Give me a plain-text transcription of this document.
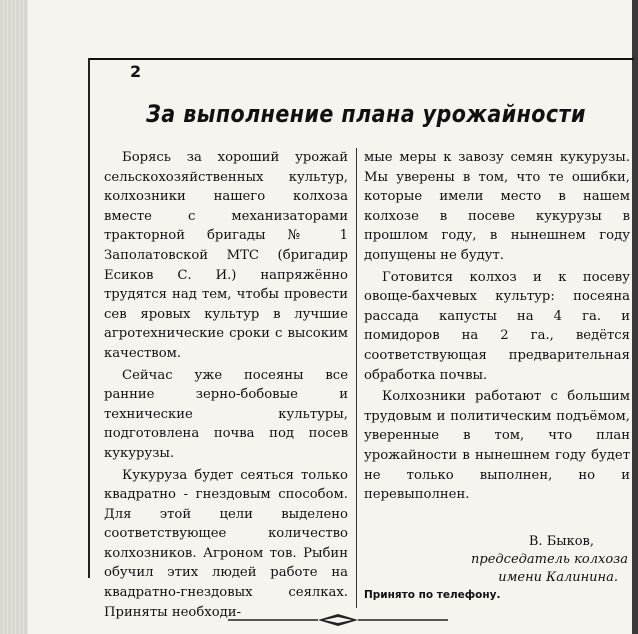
2
За выполнение плана урожайности

Борясь за хороший урожай сельскохозяйственных культур, колхозники нашего колхоза вместе с механизаторами тракторной бригады № 1 Заполатовской МТС (бригадир Есиков С. И.) напряжённо трудятся над тем, чтобы провести сев яровых культур в лучшие агротехнические сроки с высоким качеством.

Сейчас уже посеяны все ранние зерно-бобовые и технические культуры, подготовлена почва под посев кукурузы.

Кукуруза будет сеяться только квадратно - гнездовым способом. Для этой цели выделено соответствующее количество колхозников. Агроном тов. Рыбин обучил этих людей работе на квадратно-гнездовых сеялках. Приняты необходи-

мые меры к завозу семян кукурузы. Мы уверены в том, что те ошибки, которые имели место в нашем колхозе в посеве кукурузы в прошлом году, в нынешнем году допущены не будут.

Готовится колхоз и к посеву овоще-бахчевых культур: посеяна рассада капусты на 4 га. и помидоров на 2 га., ведётся соответствующая предварительная обработка почвы.

Колхозники работают с большим трудовым и политическим подъёмом, уверенные в том, что план урожайности в нынешнем году будет не только выполнен, но и перевыполнен.

В. Быков,
председатель колхоза
имени Калинина.
Принято по телефону.
